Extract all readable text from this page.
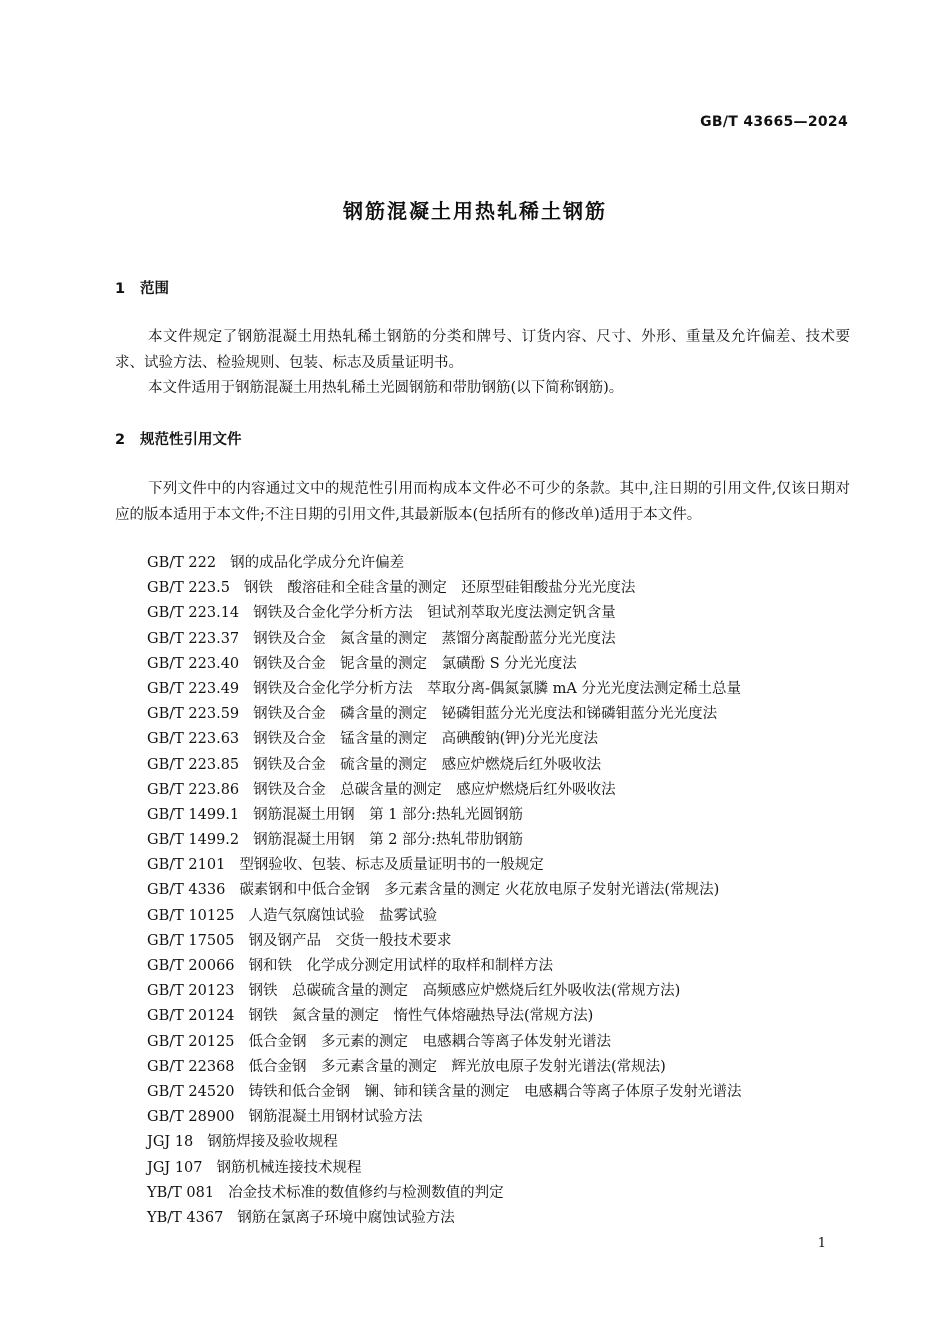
GB/T 43665—2024
钢筋混凝土用热轧稀土钢筋
1 范围

本文件规定了钢筋混凝土用热轧稀土钢筋的分类和牌号、订货内容、尺寸、外形、重量及允许偏差、技术要求、试验方法、检验规则、包装、标志及质量证明书。

本文件适用于钢筋混凝土用热轧稀土光圆钢筋和带肋钢筋(以下简称钢筋)。

2 规范性引用文件

下列文件中的内容通过文中的规范性引用而构成本文件必不可少的条款。其中,注日期的引用文件,仅该日期对应的版本适用于本文件;不注日期的引用文件,其最新版本(包括所有的修改单)适用于本文件。

GB/T 222 钢的成品化学成分允许偏差
GB/T 223.5 钢铁　酸溶硅和全硅含量的测定　还原型硅钼酸盐分光光度法
GB/T 223.14 钢铁及合金化学分析方法　钽试剂萃取光度法测定钒含量
GB/T 223.37 钢铁及合金　氮含量的测定　蒸馏分离靛酚蓝分光光度法
GB/T 223.40 钢铁及合金　铌含量的测定　氯磺酚 S 分光光度法
GB/T 223.49 钢铁及合金化学分析方法　萃取分离-偶氮氯膦 mA 分光光度法测定稀土总量
GB/T 223.59 钢铁及合金　磷含量的测定　铋磷钼蓝分光光度法和锑磷钼蓝分光光度法
GB/T 223.63 钢铁及合金　锰含量的测定　高碘酸钠(钾)分光光度法
GB/T 223.85 钢铁及合金　硫含量的测定　感应炉燃烧后红外吸收法
GB/T 223.86 钢铁及合金　总碳含量的测定　感应炉燃烧后红外吸收法
GB/T 1499.1 钢筋混凝土用钢　第 1 部分:热轧光圆钢筋
GB/T 1499.2 钢筋混凝土用钢　第 2 部分:热轧带肋钢筋
GB/T 2101 型钢验收、包装、标志及质量证明书的一般规定
GB/T 4336 碳素钢和中低合金钢　多元素含量的测定 火花放电原子发射光谱法(常规法)
GB/T 10125 人造气氛腐蚀试验　盐雾试验
GB/T 17505 钢及钢产品　交货一般技术要求
GB/T 20066 钢和铁　化学成分测定用试样的取样和制样方法
GB/T 20123 钢铁　总碳硫含量的测定　高频感应炉燃烧后红外吸收法(常规方法)
GB/T 20124 钢铁　氮含量的测定　惰性气体熔融热导法(常规方法)
GB/T 20125 低合金钢　多元素的测定　电感耦合等离子体发射光谱法
GB/T 22368 低合金钢　多元素含量的测定　辉光放电原子发射光谱法(常规法)
GB/T 24520 铸铁和低合金钢　镧、铈和镁含量的测定　电感耦合等离子体原子发射光谱法
GB/T 28900 钢筋混凝土用钢材试验方法
JGJ 18 钢筋焊接及验收规程
JGJ 107 钢筋机械连接技术规程
YB/T 081 冶金技术标准的数值修约与检测数值的判定
YB/T 4367 钢筋在氯离子环境中腐蚀试验方法
1
